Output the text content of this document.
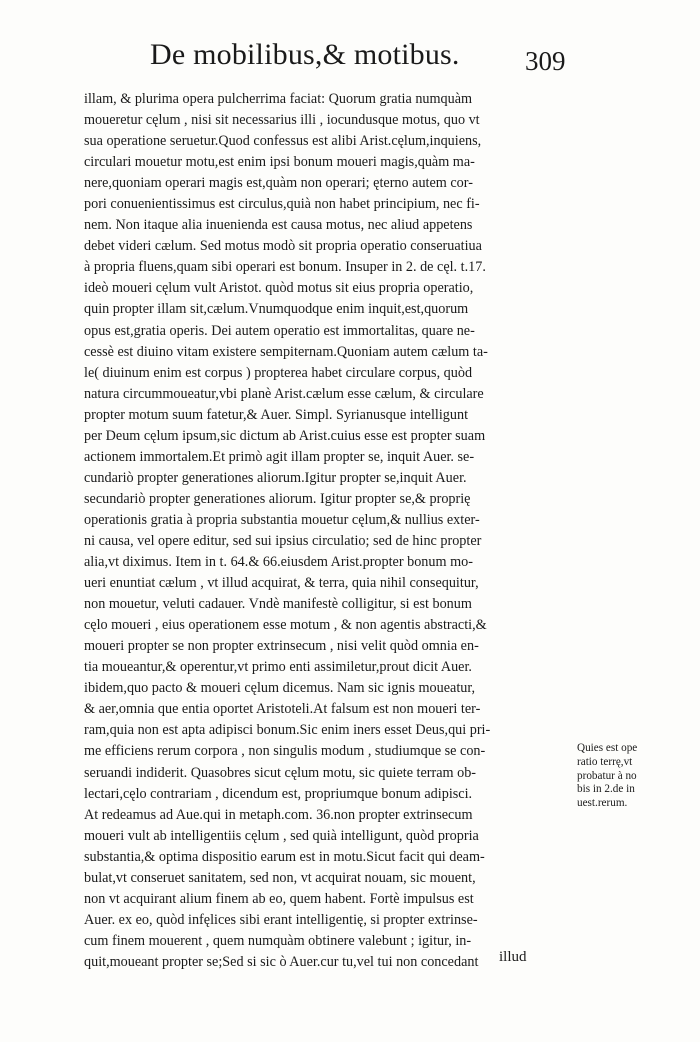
De mobilibus,& motibus. 309
illam, & plurima opera pulcherrima faciat: Quorum gratia numquàm
moueretur cęlum , nisi sit necessarius illi , iocundusque motus, quo vt
sua operatione seruetur.Quod confessus est alibi Arist.cęlum,inquiens,
circulari mouetur motu,est enim ipsi bonum moueri magis,quàm ma-
nere,quoniam operari magis est,quàm non operari; ęterno autem cor-
pori conuenientissimus est circulus,quià non habet principium, nec fi-
nem. Non itaque alia inuenienda est causa motus, nec aliud appetens
debet videri cælum. Sed motus modò sit propria operatio conseruatiua
à propria fluens,quam sibi operari est bonum. Insuper in 2. de cęl. t.17.
ideò moueri cęlum vult Aristot. quòd motus sit eius propria operatio,
quin propter illam sit,cælum.Vnumquodque enim inquit,est,quorum
opus est,gratia operis. Dei autem operatio est immortalitas, quare ne-
cessè est diuino vitam existere sempiternam.Quoniam autem cælum ta-
le( diuinum enim est corpus ) propterea habet circulare corpus, quòd
natura circummoueatur,vbi planè Arist.cælum esse cælum, & circulare
propter motum suum fatetur,& Auer. Simpl. Syrianusque intelligunt
per Deum cęlum ipsum,sic dictum ab Arist.cuius esse est propter suam
actionem immortalem.Et primò agit illam propter se, inquit Auer. se-
cundariò propter generationes aliorum.Igitur propter se,inquit Auer.
secundariò propter generationes aliorum. Igitur propter se,& proprię
operationis gratia à propria substantia mouetur cęlum,& nullius exter-
ni causa, vel opere editur, sed sui ipsius circulatio; sed de hinc propter
alia,vt diximus. Item in t. 64.& 66.eiusdem Arist.propter bonum mo-
ueri enuntiat cælum , vt illud acquirat, & terra, quia nihil consequitur,
non mouetur, veluti cadauer. Vndè manifestè colligitur, si est bonum
cęlo moueri , eius operationem esse motum , & non agentis abstracti,&
moueri propter se non propter extrinsecum , nisi velit quòd omnia en-
tia moueantur,& operentur,vt primo enti assimiletur,prout dicit Auer.
ibidem,quo pacto & moueri cęlum dicemus. Nam sic ignis moueatur,
& aer,omnia que entia oportet Aristoteli.At falsum est non moueri ter-
ram,quia non est apta adipisci bonum.Sic enim iners esset Deus,qui pri-
me efficiens rerum corpora , non singulis modum , studiumque se con-
seruandi indiderit. Quasobres sicut cęlum motu, sic quiete terram ob-
lectari,cęlo contrariam , dicendum est, propriumque bonum adipisci.
At redeamus ad Aue.qui in metaph.com. 36.non propter extrinsecum
moueri vult ab intelligentiis cęlum , sed quià intelligunt, quòd propria
substantia,& optima dispositio earum est in motu.Sicut facit qui deam-
bulat,vt conseruet sanitatem, sed non, vt acquirat nouam, sic mouent,
non vt acquirant alium finem ab eo, quem habent. Fortè impulsus est
Auer. ex eo, quòd infęlices sibi erant intelligentię, si propter extrinse-
cum finem mouerent , quem numquàm obtinere valebunt ; igitur, in-
quit,moueant propter se;Sed si sic ò Auer.cur tu,vel tui non concedant	illud
Quies est ope
ratio terrę,vt
probatur à no
bis in 2.de in
uest.rerum.
